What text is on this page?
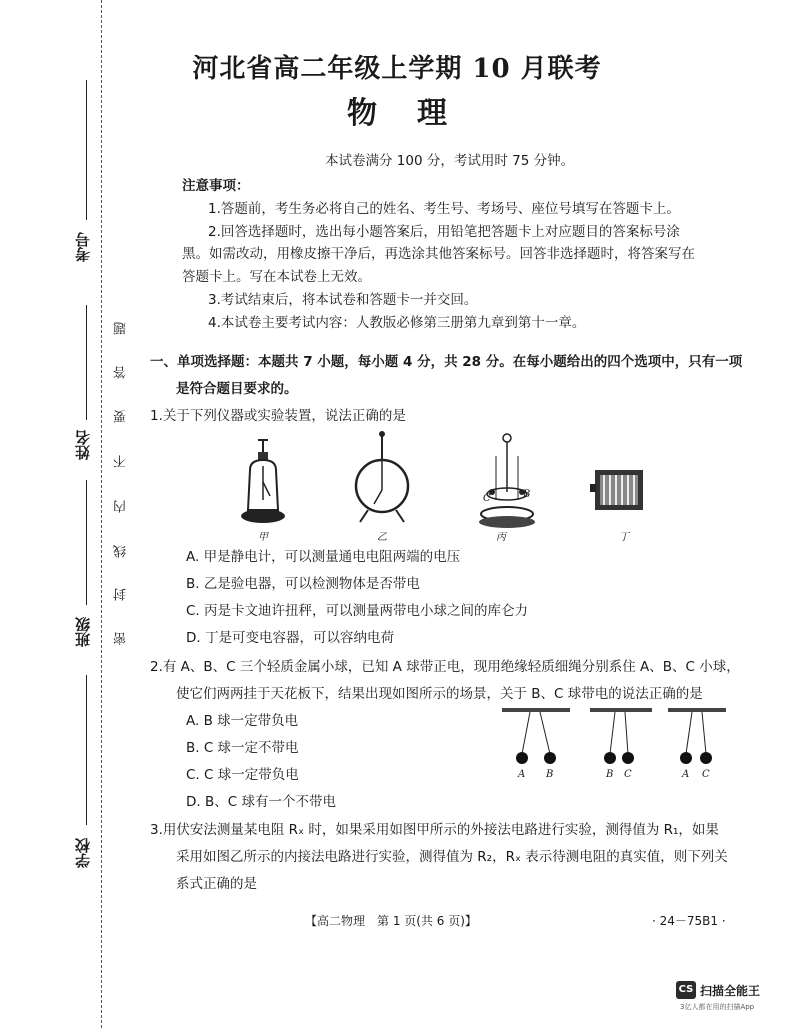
考号
姓名
班级
学校
题
答
要
不
内
线
封
密
河北省高二年级上学期 10 月联考
物理
本试卷满分 100 分，考试用时 75 分钟。
注意事项：
1.答题前，考生务必将自己的姓名、考生号、考场号、座位号填写在答题卡上。
2.回答选择题时，选出每小题答案后，用铅笔把答题卡上对应题目的答案标号涂
黑。如需改动，用橡皮擦干净后，再选涂其他答案标号。回答非选择题时，将答案写在
答题卡上。写在本试卷上无效。
3.考试结束后，将本试卷和答题卡一并交回。
4.本试卷主要考试内容：人教版必修第三册第九章到第十一章。
一、单项选择题：本题共 7 小题，每小题 4 分，共 28 分。在每小题给出的四个选项中，只有一项
是符合题目要求的。
1.关于下列仪器或实验装置，说法正确的是
C	B
甲	乙	丙	丁
A. 甲是静电计，可以测量通电电阻两端的电压
B. 乙是验电器，可以检测物体是否带电
C. 丙是卡文迪许扭秤，可以测量两带电小球之间的库仑力
D. 丁是可变电容器，可以容纳电荷
2.有 A、B、C 三个轻质金属小球，已知 A 球带正电，现用绝缘轻质细绳分别系住 A、B、C 小球，
使它们两两挂于天花板下，结果出现如图所示的场景，关于 B、C 球带电的说法正确的是
A. B 球一定带负电
B. C 球一定不带电
C. C 球一定带负电
D. B、C 球有一个不带电
A B	B C	A C
3.用伏安法测量某电阻 Rₓ 时，如果采用如图甲所示的外接法电路进行实验，测得值为 R₁，如果
采用如图乙所示的内接法电路进行实验，测得值为 R₂，Rₓ 表示待测电阻的真实值，则下列关
系式正确的是
【高二物理　第 1 页(共 6 页)】	· 24－75B1 ·
CS 扫描全能王
3亿人都在用的扫描App
